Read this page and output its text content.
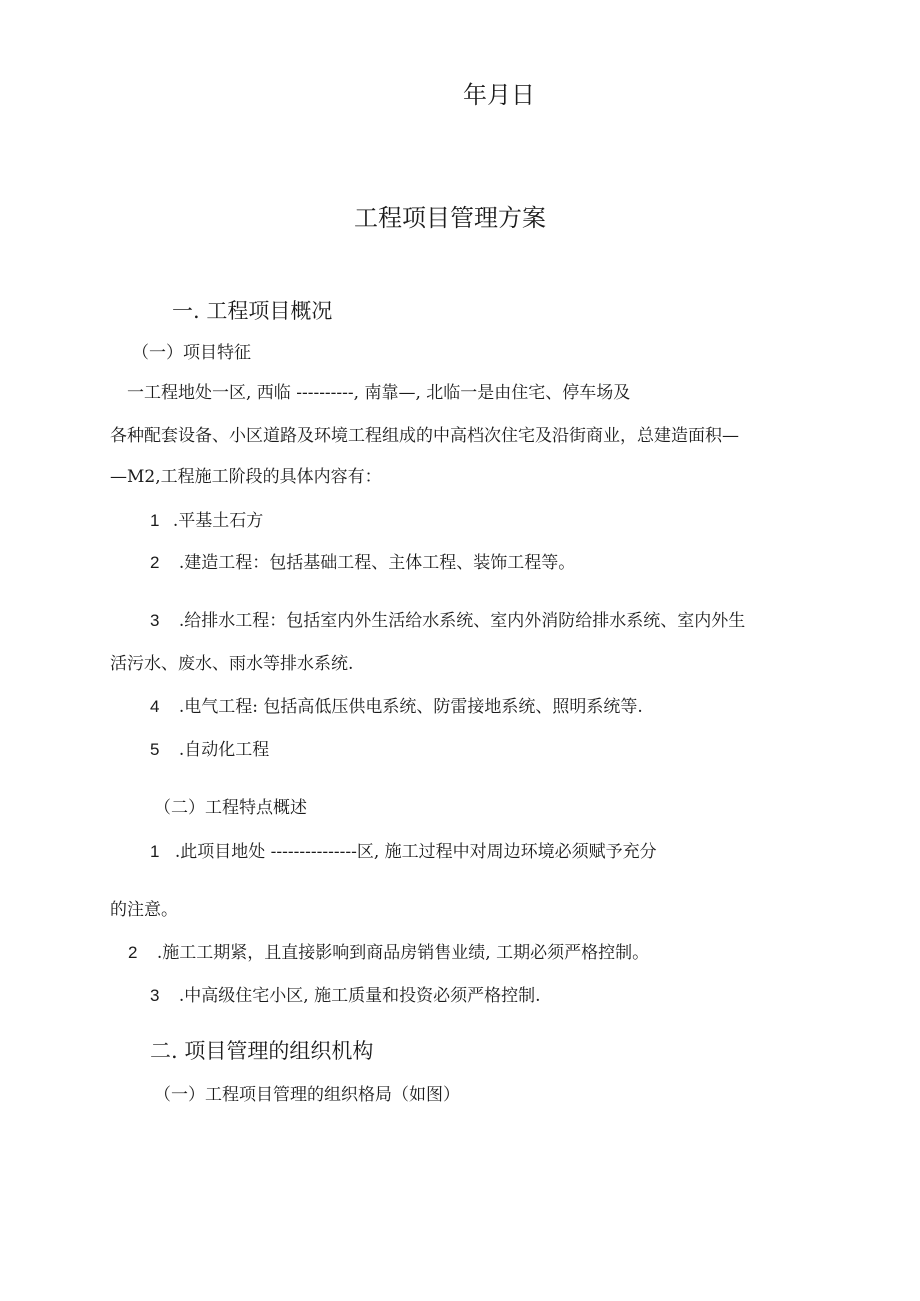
年月日
工程项目管理方案
一. 工程项目概况
（一）项目特征
一工程地处一区, 西临 ----------, 南靠—, 北临一是由住宅、停车场及
各种配套设备、小区道路及环境工程组成的中高档次住宅及沿街商业，总建造面积—
—M2,工程施工阶段的具体内容有：
1 .平基土石方
2 .建造工程：包括基础工程、主体工程、装饰工程等。
3 .给排水工程：包括室内外生活给水系统、室内外消防给排水系统、室内外生
活污水、废水、雨水等排水系统.
4 .电气工程: 包括高低压供电系统、防雷接地系统、照明系统等.
5 .自动化工程
（二）工程特点概述
1 .此项目地处 ---------------区, 施工过程中对周边环境必须赋予充分
的注意。
2 .施工工期紧，且直接影响到商品房销售业绩, 工期必须严格控制。
3 .中高级住宅小区, 施工质量和投资必须严格控制.
二. 项目管理的组织机构
（一）工程项目管理的组织格局（如图）
